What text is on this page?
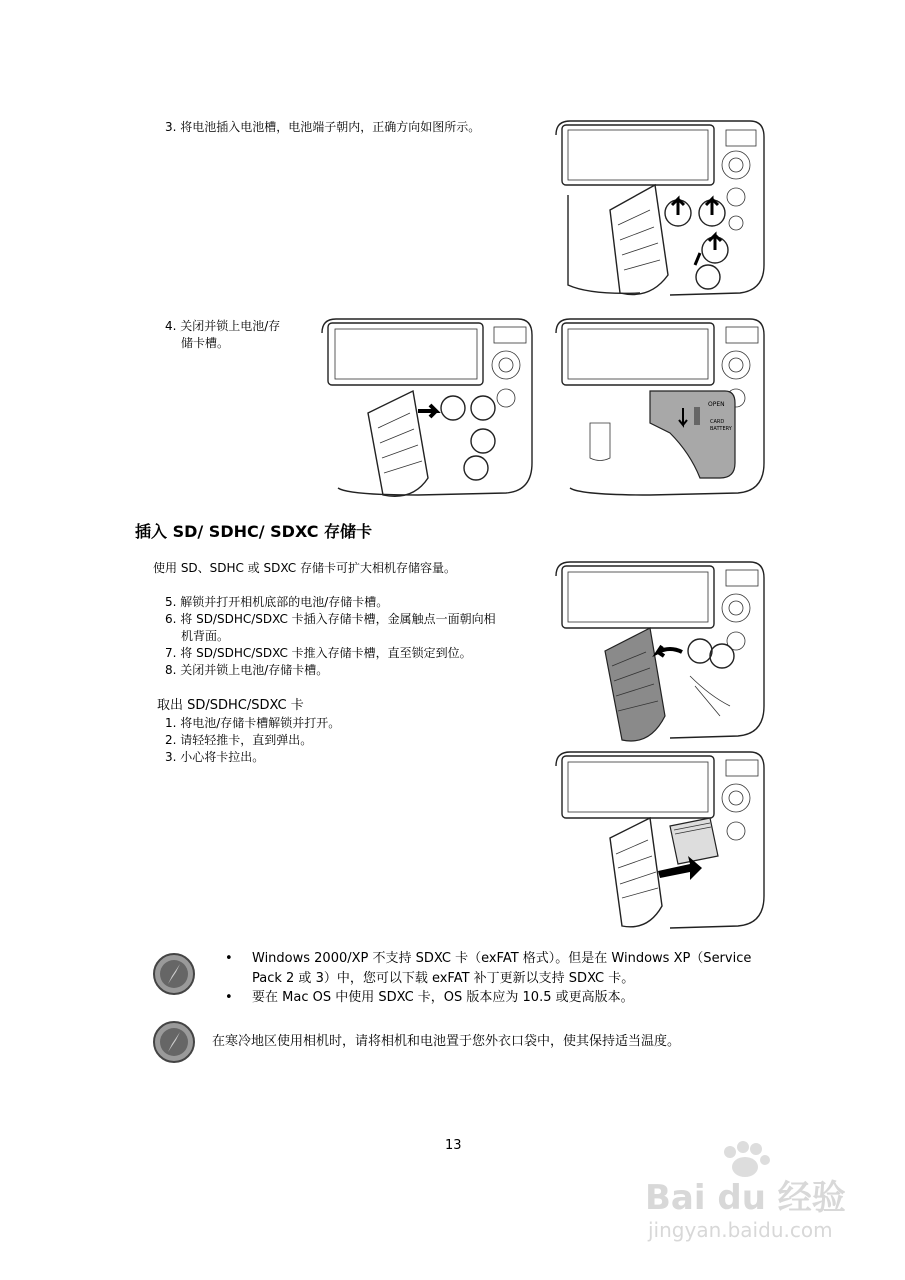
3. 将电池插入电池槽，电池端子朝内，正确方向如图所示。
4. 关闭并锁上电池/存
储卡槽。
OPEN
CARD
BATTERY
插入 SD/ SDHC/ SDXC 存储卡
使用 SD、SDHC 或 SDXC 存储卡可扩大相机存储容量。
5. 解锁并打开相机底部的电池/存储卡槽。
6. 将 SD/SDHC/SDXC 卡插入存储卡槽，金属触点一面朝向相
机背面。
7. 将 SD/SDHC/SDXC 卡推入存储卡槽，直至锁定到位。
8. 关闭并锁上电池/存储卡槽。
取出 SD/SDHC/SDXC 卡
1. 将电池/存储卡槽解锁并打开。
2. 请轻轻推卡，直到弹出。
3. 小心将卡拉出。
• Windows 2000/XP 不支持 SDXC 卡（exFAT 格式）。但是在 Windows XP（Service
Pack 2 或 3）中，您可以下载 exFAT 补丁更新以支持 SDXC 卡。
• 要在 Mac OS 中使用 SDXC 卡，OS 版本应为 10.5 或更高版本。
在寒冷地区使用相机时，请将相机和电池置于您外衣口袋中，使其保持适当温度。
13
Bai du 经验
jingyan.baidu.com
